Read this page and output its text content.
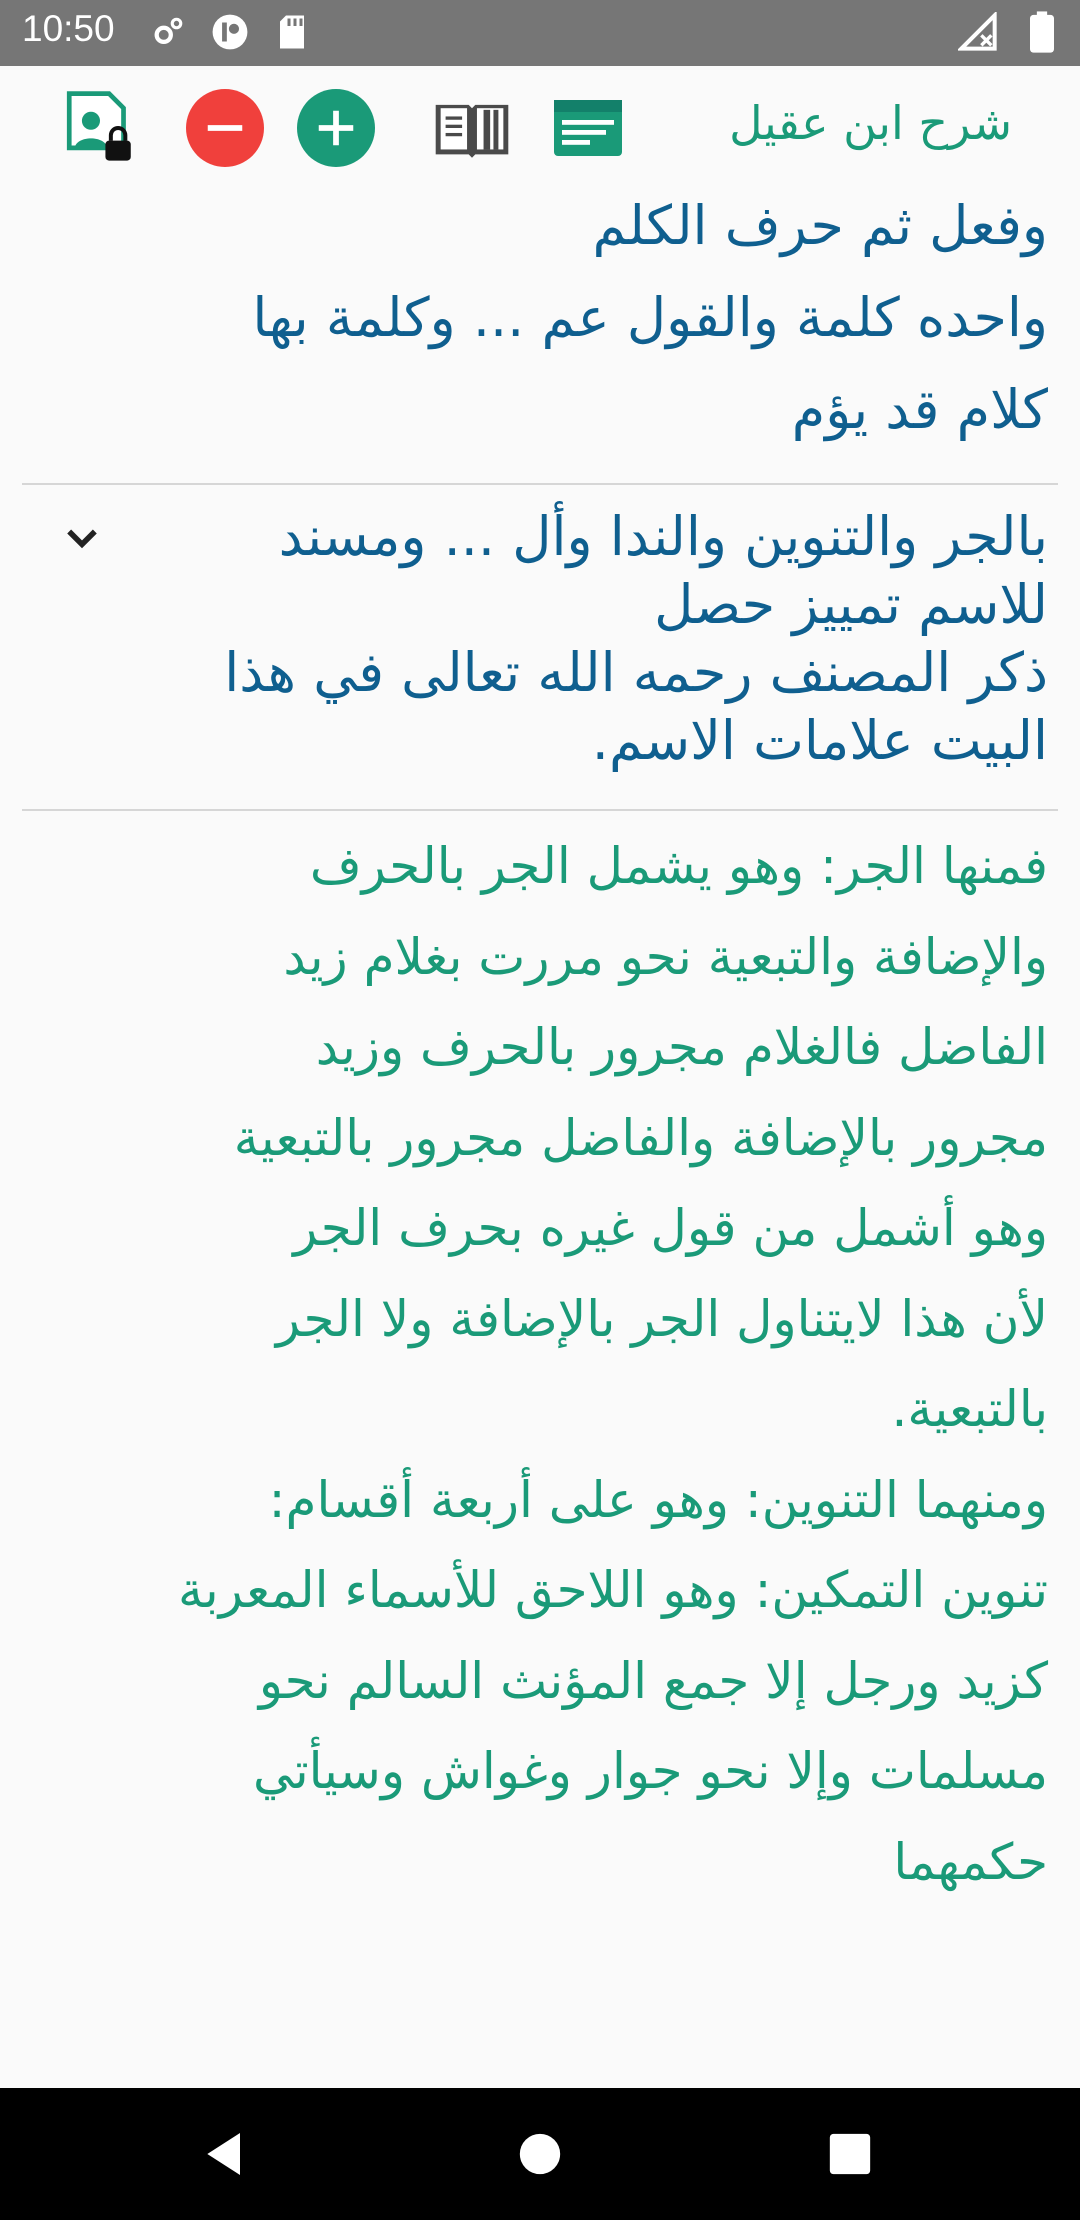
10:50
شرح ابن عقيل

وفعل ثم حرف الكلم
واحده كلمة والقول عم ... وكلمة بها
كلام قد يؤم

بالجر والتنوين والندا وأل ... ومسند
للاسم تمييز حصل
ذكر المصنف رحمه الله تعالى في هذا
البيت علامات الاسم.

فمنها الجر: وهو يشمل الجر بالحرف
والإضافة والتبعية نحو مررت بغلام زيد
الفاضل فالغلام مجرور بالحرف وزيد
مجرور بالإضافة والفاضل مجرور بالتبعية
وهو أشمل من قول غيره بحرف الجر
لأن هذا لايتناول الجر بالإضافة ولا الجر
بالتبعية.
ومنهما التنوين: وهو على أربعة أقسام:
تنوين التمكين: وهو اللاحق للأسماء المعربة
كزيد ورجل إلا جمع المؤنث السالم نحو
مسلمات وإلا نحو جوار وغواش وسيأتي
حكمهما
